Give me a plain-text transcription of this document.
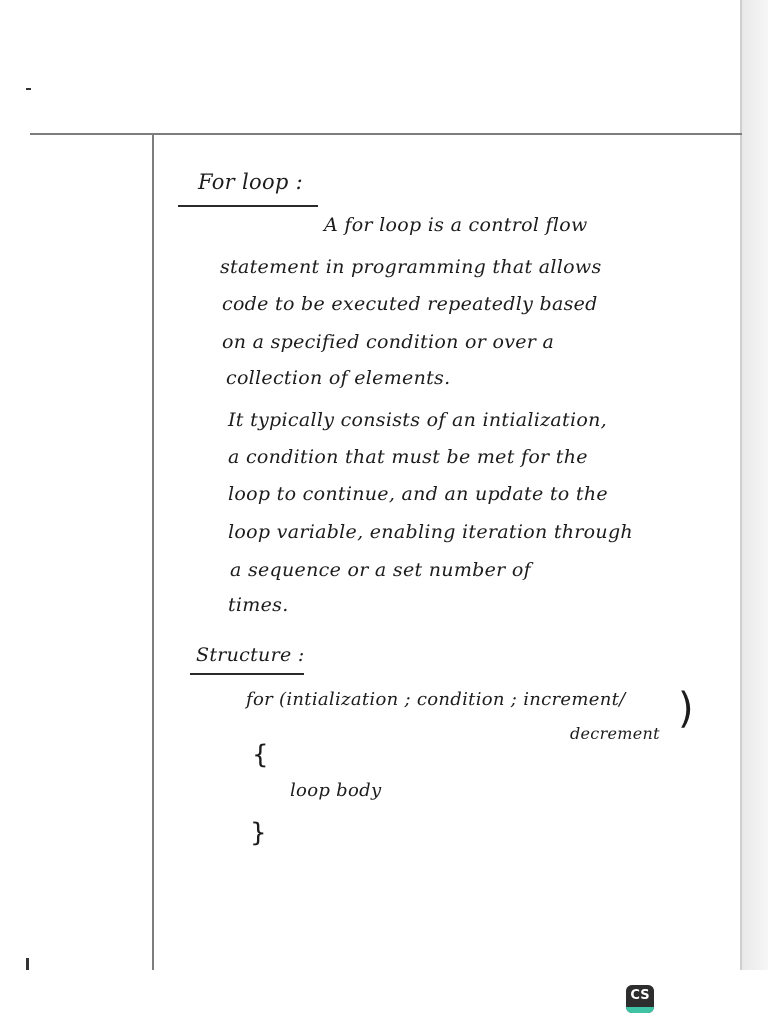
For loop :
A for loop is a control flow
statement in programming that allows
code to be executed repeatedly based
on a specified condition or over a
collection of elements.
It typically consists of an intialization,
a condition that must be met for the
loop to continue, and an update to the
loop variable, enabling iteration through
a sequence or a set number of
times.
Structure :
for (intialization ; condition ; increment/ )
decrement
{
loop body
}
CS
